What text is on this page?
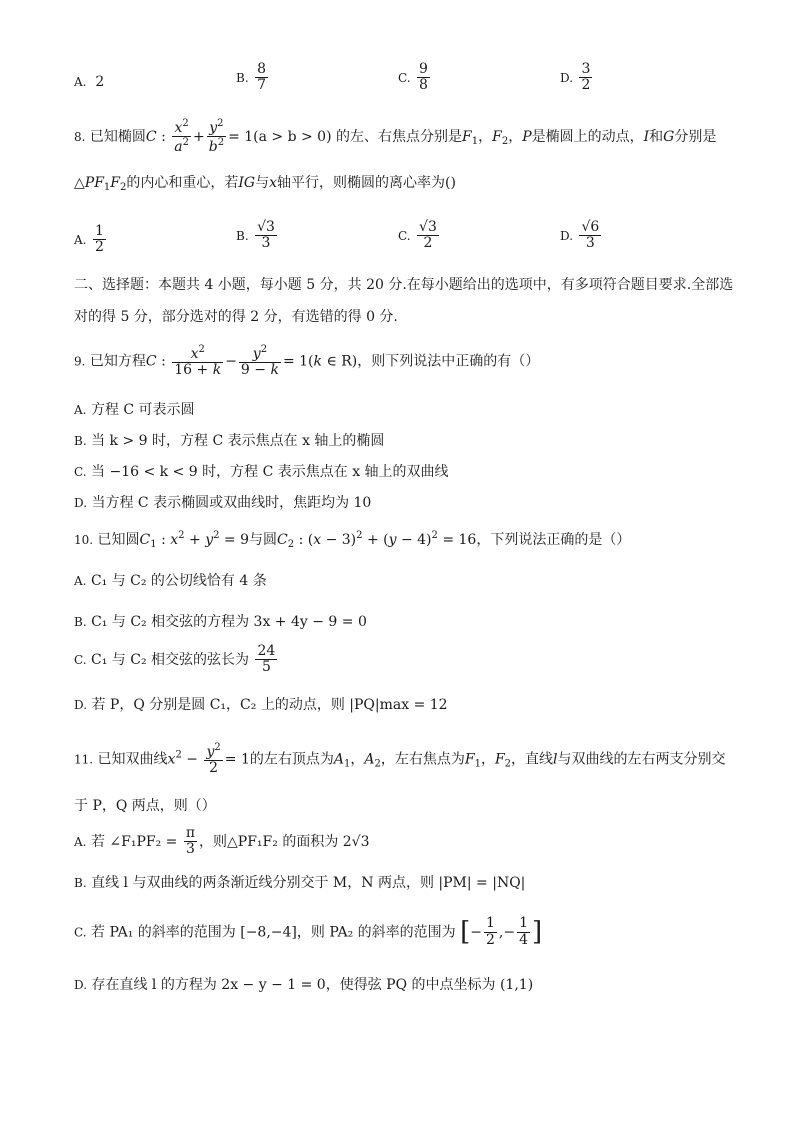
A. 2	B. $\frac{8}{7}$	C. $\frac{9}{8}$	D. $\frac{3}{2}$
8. 已知椭圆C : $\frac{x^2}{a^2} + \frac{y^2}{b^2} = 1(a > b > 0)$ 的左、右焦点分别是$F_1$，$F_2$，P是椭圆上的动点，I和G分别是
$\triangle PF_1F_2$的内心和重心，若IG与x轴平行，则椭圆的离心率为()
A. $\frac{1}{2}$	B. $\frac{√3}{3}$	C. $\frac{√3}{2}$	D. $\frac{√6}{3}$
二、选择题：本题共 4 小题，每小题 5 分，共 20 分.在每小题给出的选项中，有多项符合题目要求.全部选
对的得 5 分，部分选对的得 2 分，有选错的得 0 分.
9. 已知方程C : $\frac{x^2}{16 + k} - \frac{y^2}{9 - k} = 1(k$ ∈ R)，则下列说法中正确的有（）
A. 方程 C 可表示圆
B. 当 k > 9 时，方程 C 表示焦点在 x 轴上的椭圆
C. 当 −16 < k < 9 时，方程 C 表示焦点在 x 轴上的双曲线
D. 当方程 C 表示椭圆或双曲线时，焦距均为 10
10. 已知圆$C_1$ : $x^2 + y^2 = 9$与圆$C_2$ : $(x - 3)^2 + (y - 4)^2 = 16$，下列说法正确的是（）
A. C₁ 与 C₂ 的公切线恰有 4 条
B. C₁ 与 C₂ 相交弦的方程为 3x + 4y − 9 = 0
C. C₁ 与 C₂ 相交弦的弦长为 $\frac{24}{5}$
D. 若 P，Q 分别是圆 C₁，C₂ 上的动点，则 |PQ|max = 12
11. 已知双曲线$x^2 - \frac{y^2}{2} = 1$的左右顶点为$A_1$，$A_2$，左右焦点为$F_1$，$F_2$，直线l与双曲线的左右两支分别交
于 P，Q 两点，则（）
A. 若 ∠F₁PF₂ = $\frac{\pi}{3}$ ，则△PF₁F₂ 的面积为 2√3
B. 直线 l 与双曲线的两条渐近线分别交于 M，N 两点，则 |PM| = |NQ|
C. 若 PA₁ 的斜率的范围为 [−8,−4]，则 PA₂ 的斜率的范围为 [− $\frac{1}{2}$ ,− $\frac{1}{4}$ ]
D. 存在直线 l 的方程为 2x − y − 1 = 0，使得弦 PQ 的中点坐标为 (1,1)
